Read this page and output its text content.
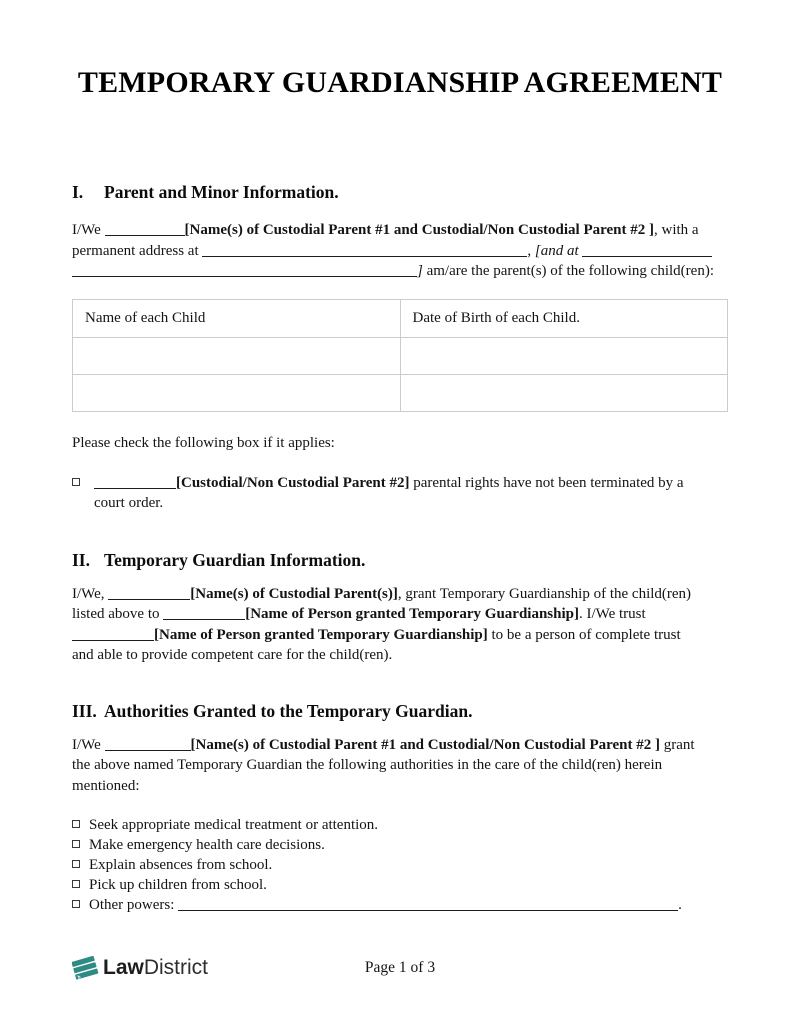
TEMPORARY GUARDIANSHIP AGREEMENT
I.	Parent and Minor Information.
I/We	[Name(s) of Custodial Parent #1 and Custodial/Non Custodial Parent #2 ], with a
permanent address at	, [and at
] am/are the parent(s) of the following child(ren):
Name of each Child	Date of Birth of each Child.

Please check the following box if it applies:
[Custodial/Non Custodial Parent #2] parental rights have not been terminated by a
court order.
II. Temporary Guardian Information.
I/We,	[Name(s) of Custodial Parent(s)], grant Temporary Guardianship of the child(ren)
listed above to	[Name of Person granted Temporary Guardianship]. I/We trust
[Name of Person granted Temporary Guardianship] to be a person of complete trust
and able to provide competent care for the child(ren).
III. Authorities Granted to the Temporary Guardian.
I/We	[Name(s) of Custodial Parent #1 and Custodial/Non Custodial Parent #2 ] grant
the above named Temporary Guardian the following authorities in the care of the child(ren) herein
mentioned:
Seek appropriate medical treatment or attention.
Make emergency health care decisions.
Explain absences from school.
Pick up children from school.
Other powers:	.
b LawDistrict	Page 1 of 3
